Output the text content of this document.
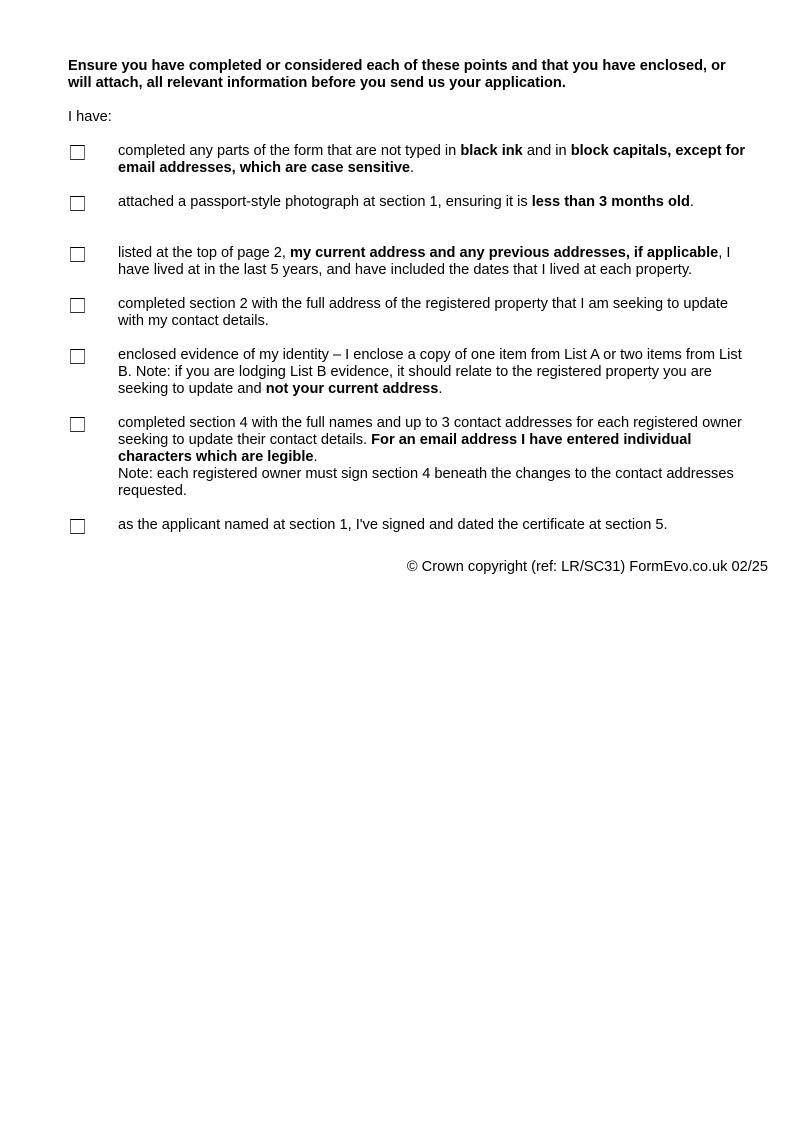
Ensure you have completed or considered each of these points and that you have enclosed, or will attach, all relevant information before you send us your application.

I have:

completed any parts of the form that are not typed in black ink and in block capitals, except for email addresses, which are case sensitive.
attached a passport-style photograph at section 1, ensuring it is less than 3 months old.
listed at the top of page 2, my current address and any previous addresses, if applicable, I have lived at in the last 5 years, and have included the dates that I lived at each property.
completed section 2 with the full address of the registered property that I am seeking to update with my contact details.
enclosed evidence of my identity – I enclose a copy of one item from List A or two items from List B. Note: if you are lodging List B evidence, it should relate to the registered property you are seeking to update and not your current address.
completed section 4 with the full names and up to 3 contact addresses for each registered owner seeking to update their contact details. For an email address I have entered individual characters which are legible.
Note: each registered owner must sign section 4 beneath the changes to the contact addresses requested.
as the applicant named at section 1, I've signed and dated the certificate at section 5.
© Crown copyright (ref: LR/SC31) FormEvo.co.uk 02/25
